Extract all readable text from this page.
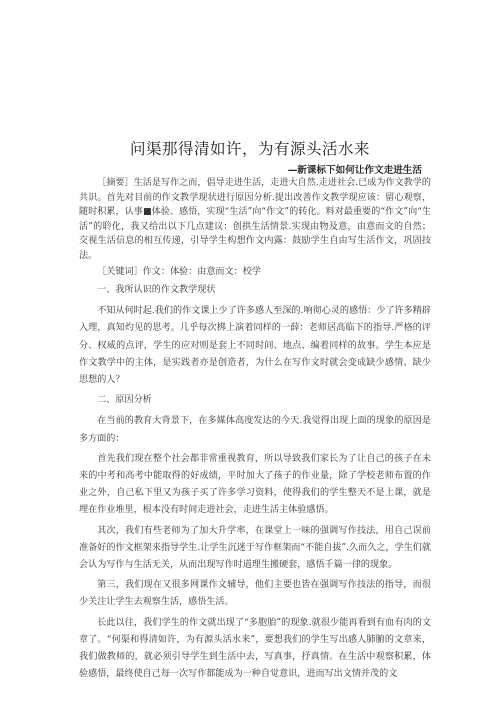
问渠那得清如许，为有源头活水来
—新课标下如何让作文走进生活

［摘要］生活是写作之而，倡导走进生活，走进大自然.走进社会.已成为作文教学的共识。首先对目前的作文教学现状进行原因分析.提出改善作文教学现应该：留心观察，随时积累，认事■体验、感悟，实现“生活”向“作文”的转化。料对最重要的“作文”向“生活”的聆化，我又给出以下几点建议：创拱生活情景.实现由物及意，由意而文的自然；交视生活信息的相互传递，引导学生构想作文内露：鼓励学生自由写生活作文，巩固技法。

［关键词］作文：体验：由意而文：校学

一、我所认识的作文教学现状

不知从何时起.我们的作文课上少了许多感人至深的.响彻心灵的感悟：少了许多精辟入理，真知灼见的思考。几乎每次梆上演着同样的一薛：老师居高临下的指导.严格的评分、权威的点评，学生的应对则是套上不同时间、地点、编着同样的故事。学生本应是作文教学中的主体，是实践者亦是创造者，为什么在写作文时就会变成缺少感情、缺少思想的人？

二、原因分析

在当前的教育大背景下，在多媒体高度发达的今天.我觉得出现上面的现象的原因是多方面的：

首先我们现在整个社会都非常重视教育，所以导致我们家长为了让自己的孩子在未来的中考和高考中能取得的好成绩，平时加大了孩子的作业量，除了学校老师布置的作业之外，自己私下里又为孩子买了许多学习资料，使得我们的学生整天不是上课，就是埋在作业堆里，根本没有时间走进社会，走进生活主体验感悟。

其次，我们有些老师为了加大升学率，在课堂上一味的强调写作技法，用自己误前准备好的作文框架来指导学生.让学生沉迷于写作框架而“不能自拔”.久而久之，学生们就会认为写作与生活无关，从而出现写作时道理生搬硬套，感悟千篇一律的现象。

第三，我们现在又很多网课作文辅导，他们主要也皆在强调写作技法的指导，而很少关注让学生去观察生活，感悟生活。

长此以往，我们学生的作文就出现了“多胞胎”的现象.就很少能再看到有血有肉的文章了。“何渠和得清如许，为有源头活水来”，要想我们的学生写出感人肺腑的文章来，我们做教师的，就必须引导学生到生活中去，写真事，抒真情。在生活中观察积累，体验感悟，最终使自己每一次写作都能成为一种自觉意识，进而写出文情并茂的文
